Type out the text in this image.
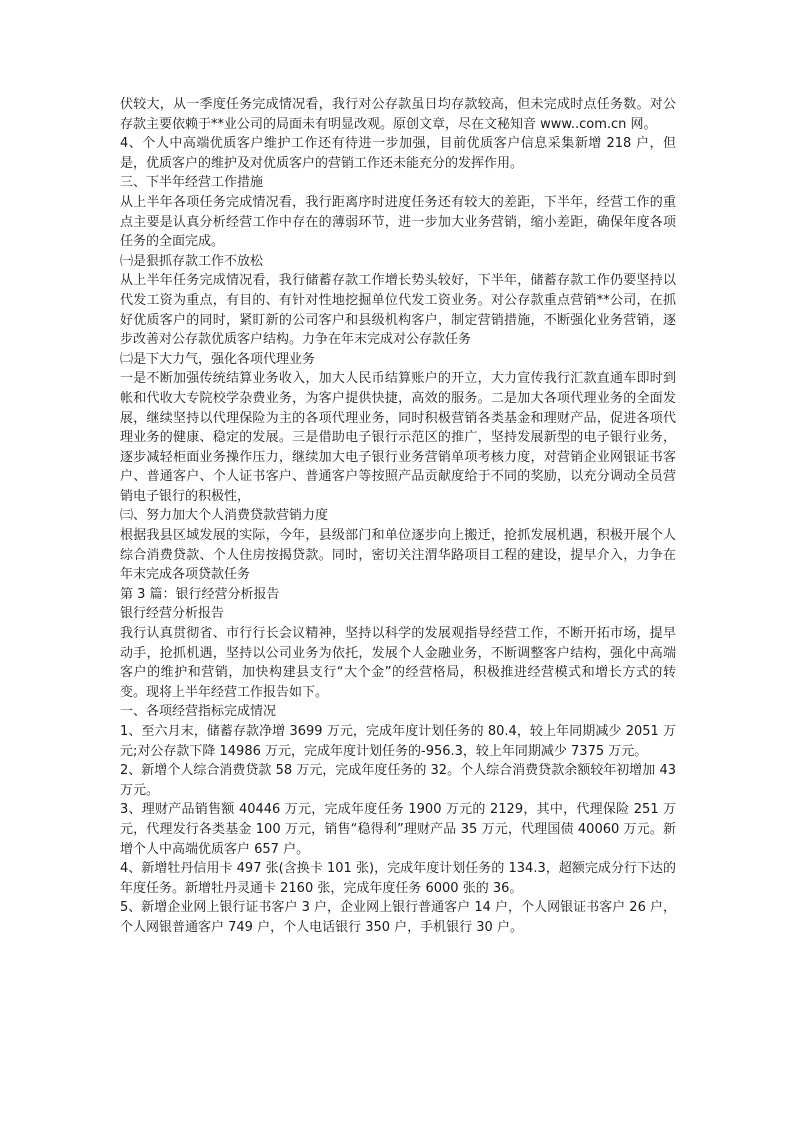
伏较大，从一季度任务完成情况看，我行对公存款虽日均存款较高，但未完成时点任务数。对公存款主要依赖于**业公司的局面未有明显改观。原创文章，尽在文秘知音 www..com.cn 网。

4、个人中高端优质客户维护工作还有待进一步加强，目前优质客户信息采集新增 218 户，但是，优质客户的维护及对优质客户的营销工作还未能充分的发挥作用。

三、下半年经营工作措施

从上半年各项任务完成情况看，我行距离序时进度任务还有较大的差距，下半年，经营工作的重点主要是认真分析经营工作中存在的薄弱环节，进一步加大业务营销，缩小差距，确保年度各项任务的全面完成。

㈠是狠抓存款工作不放松

从上半年任务完成情况看，我行储蓄存款工作增长势头较好，下半年，储蓄存款工作仍要坚持以代发工资为重点，有目的、有针对性地挖掘单位代发工资业务。对公存款重点营销**公司，在抓好优质客户的同时，紧盯新的公司客户和县级机构客户，制定营销措施，不断强化业务营销，逐步改善对公存款优质客户结构。力争在年末完成对公存款任务

㈡是下大力气，强化各项代理业务

一是不断加强传统结算业务收入，加大人民币结算账户的开立，大力宣传我行汇款直通车即时到帐和代收大专院校学杂费业务，为客户提供快捷，高效的服务。二是加大各项代理业务的全面发展，继续坚持以代理保险为主的各项代理业务，同时积极营销各类基金和理财产品，促进各项代理业务的健康、稳定的发展。三是借助电子银行示范区的推广，坚持发展新型的电子银行业务，逐步减轻柜面业务操作压力，继续加大电子银行业务营销单项考核力度，对营销企业网银证书客户、普通客户、个人证书客户、普通客户等按照产品贡献度给于不同的奖励，以充分调动全员营销电子银行的积极性，

㈢、努力加大个人消费贷款营销力度

根据我县区域发展的实际，今年，县级部门和单位逐步向上搬迁，抢抓发展机遇，积极开展个人综合消费贷款、个人住房按揭贷款。同时，密切关注渭华路项目工程的建设，提早介入，力争在年末完成各项贷款任务

第 3 篇：银行经营分析报告

银行经营分析报告

我行认真贯彻省、市行行长会议精神，坚持以科学的发展观指导经营工作，不断开拓市场，提早动手，抢抓机遇，坚持以公司业务为依托，发展个人金融业务，不断调整客户结构，强化中高端客户的维护和营销，加快构建县支行“大个金”的经营格局，积极推进经营模式和增长方式的转变。现将上半年经营工作报告如下。

一、各项经营指标完成情况

1、至六月末，储蓄存款净增 3699 万元，完成年度计划任务的 80.4，较上年同期减少 2051 万元;对公存款下降 14986 万元，完成年度计划任务的-956.3，较上年同期减少 7375 万元。

2、新增个人综合消费贷款 58 万元，完成年度任务的 32。个人综合消费贷款余额较年初增加 43 万元。

3、理财产品销售额 40446 万元，完成年度任务 1900 万元的 2129，其中，代理保险 251 万元，代理发行各类基金 100 万元，销售“稳得利”理财产品 35 万元，代理国债 40060 万元。新增个人中高端优质客户 657 户。

4、新增牡丹信用卡 497 张(含换卡 101 张)，完成年度计划任务的 134.3，超额完成分行下达的年度任务。新增牡丹灵通卡 2160 张，完成年度任务 6000 张的 36。

5、新增企业网上银行证书客户 3 户，企业网上银行普通客户 14 户，个人网银证书客户 26 户，个人网银普通客户 749 户，个人电话银行 350 户，手机银行 30 户。
